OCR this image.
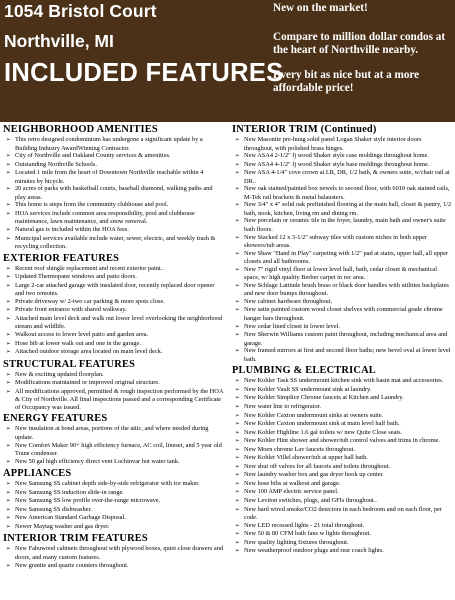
1054 Bristol Court
Northville, MI
INCLUDED FEATURES
New on the market!
Compare to million dollar condos at the heart of Northville nearby.
Every bit as nice but at a more affordable price!
NEIGHBORHOOD AMENITIES
➢ This retro designed condominium has undergone a significant update by a Building Industry AwardWinning Contractor.
➢ City of Northville and Oakland County services & amenities.
➢ Outstanding Northville Schools.
➢ Located 1 mile from the heart of Downtown Northville reachable within 4 minutes by bicycle.
➢ 20 acres of parks with basketball courts, baseball diamond, walking paths and play areas.
➢ This home is steps from the community clubhouse and pool.
➢ HOA services include common area responsibility, pool and clubhouse maintenance, lawn maintenance, and snow removal.
➢ Natural gas is included within the HOA fees.
➢ Municipal services available include water, sewer, electric, and weekly trash & recycling collection.
EXTERIOR FEATURES
➢ Recent roof shingle replacement and recent exterior paint..
➢ Updated Thermopane windows and patio doors.
➢ Large 2-car attached garage with insulated door, recently replaced door opener and two remotes.
➢ Private driveway w/ 2-two car parking & more spots close.
➢ Private front entrance with shared walkway.
➢ Attached main level deck and walk out lower level overlooking the neighborhood stream and wildlife.
➢ Walkout access to lower level patio and garden area.
➢ Hose bib at lower walk out and one in the garage.
➢ Attached outdoor storage area located on main level deck.
STRUCTURAL FEATURES
➢ New & exciting updated floorplan.
➢ Modifications maintained or improved original structure.
➢ All modifications approved, permitted & rough inspection performed by the HOA & City of Northville. All final inspections passed and a corresponding Certificate of Occupancy was issued.
ENERGY FEATURES
➢ New insulation at bond areas, portions of the attic, and where needed during update.
➢ New Comfort Maker 90+ high efficiency furnace, AC coil, lineset, and 5 year old Trane condenser.
➢ New 50 gal high efficiency direct vent Lochinvar hot water tank.
APPLIANCES
➢ New Samsung SS cabinet depth side-by-side refrigerator with ice maker.
➢ New Samsung SS induction slide-in range.
➢ New Samsung SS low profile over-the-range microwave.
➢ New Samsung SS dishwasher.
➢ New American Standard Garbage Disposal.
➢ Newer Maytag washer and gas dryer.
INTERIOR TRIM FEATURES
➢ New Fabuwood cabinets throughout with plywood boxes, quiet close drawers and doors, and many custom features.
➢ New granite and quartz counters throughout.
INTERIOR TRIM (Continued)
➢ New Masonite pre-hung solid panel Logan Shaker style interior doors throughout, with polished brass hinges.
➢ New ASA4 2-1/2" fj wood Shaker style case moldings throughout home.
➢ New ASA4 4-1/2" fj wood Shaker style base moldings throughout home.
➢ New ASA 4-1/4" cove crown at LR, DR, 1/2 bath, & owners suite, w/chair rail at DR..
➢ New oak stained/painted box newels to second floor, with 6010 oak stained rails, M-Tek rail brackets & metal balausters.
➢ New 3/4" x 4" solid oak prefinished flooring at the main hall, closet & pantry, 1/2 bath, nook, kitchen, living rm and dining rm.
➢ New porcelain or ceramic tile in the foyer, laundry, main bath and owner's suite bath floors.
➢ New Stacked 12 x 3-1/2" subway tiles with custom niches in both upper showers/tub areas.
➢ New Shaw "Hand in Play" carpeting with 1/2" pad at stairs, upper hall, all upper closets and all bathrooms.
➢ New 7" rigid vinyl floor at lower level hall, bath, cedar closet & mechanical space, w/ high quality Berber carpet in rec area.
➢ New Schlage Latitude brush brass or black door handles with utilities backplates and new door bumps throughout.
➢ New cabinet hardware throughout.
➢ New satin painted custom wood closet shelves with commercial grade chrome hanger bars throughout.
➢ New cedar lined closet in lower level.
➢ New Sherwin Williams custom paint throughout, including mechanical area and garage.
➢ New framed mirrors at first and second floor baths; new bevel oval at lower level bath.
PLUMBING & ELECTRICAL
➢ New Kohler Task SS undermount kitchen sink with basin mat and accessories.
➢ New Kohler Vault SS undermount sink at laundry.
➢ New Kohler Simplice Chrome faucets at Kitchen and Laundry.
➢ New water line to refrigerator.
➢ New Kohler Caxton undermount sinks at owners suite.
➢ New Kohler Caxton undermount sink at main level half bath.
➢ New Kohler Highline 1.6 gal toilets w/ new Quite Close seats.
➢ New Kohler Hint shower and shower/tub control valves and trims in chrome.
➢ New Moen chrome Lav faucets throughout.
➢ New Kohler Villel shower/tub at upper hall bath.
➢ New shut off valves for all faucets and toilets throughout.
➢ New laundry washer box and gas dryer hook up center.
➢ New hose bibs at walkout and garage.
➢ New 100 AMP electric service panel.
➢ New Leviton switches, plugs, and GFIs throughout..
➢ New hard wired smoke/CO2 detectors in each bedroom and on each floor, per code.
➢ New LED recessed lights - 21 total throughout.
➢ New 50 & 80 CFM bath fans w lights throughout.
➢ New quality lighting fixtures throughout.
➢ New weatherproof outdoor plugs and rear coach lights.
